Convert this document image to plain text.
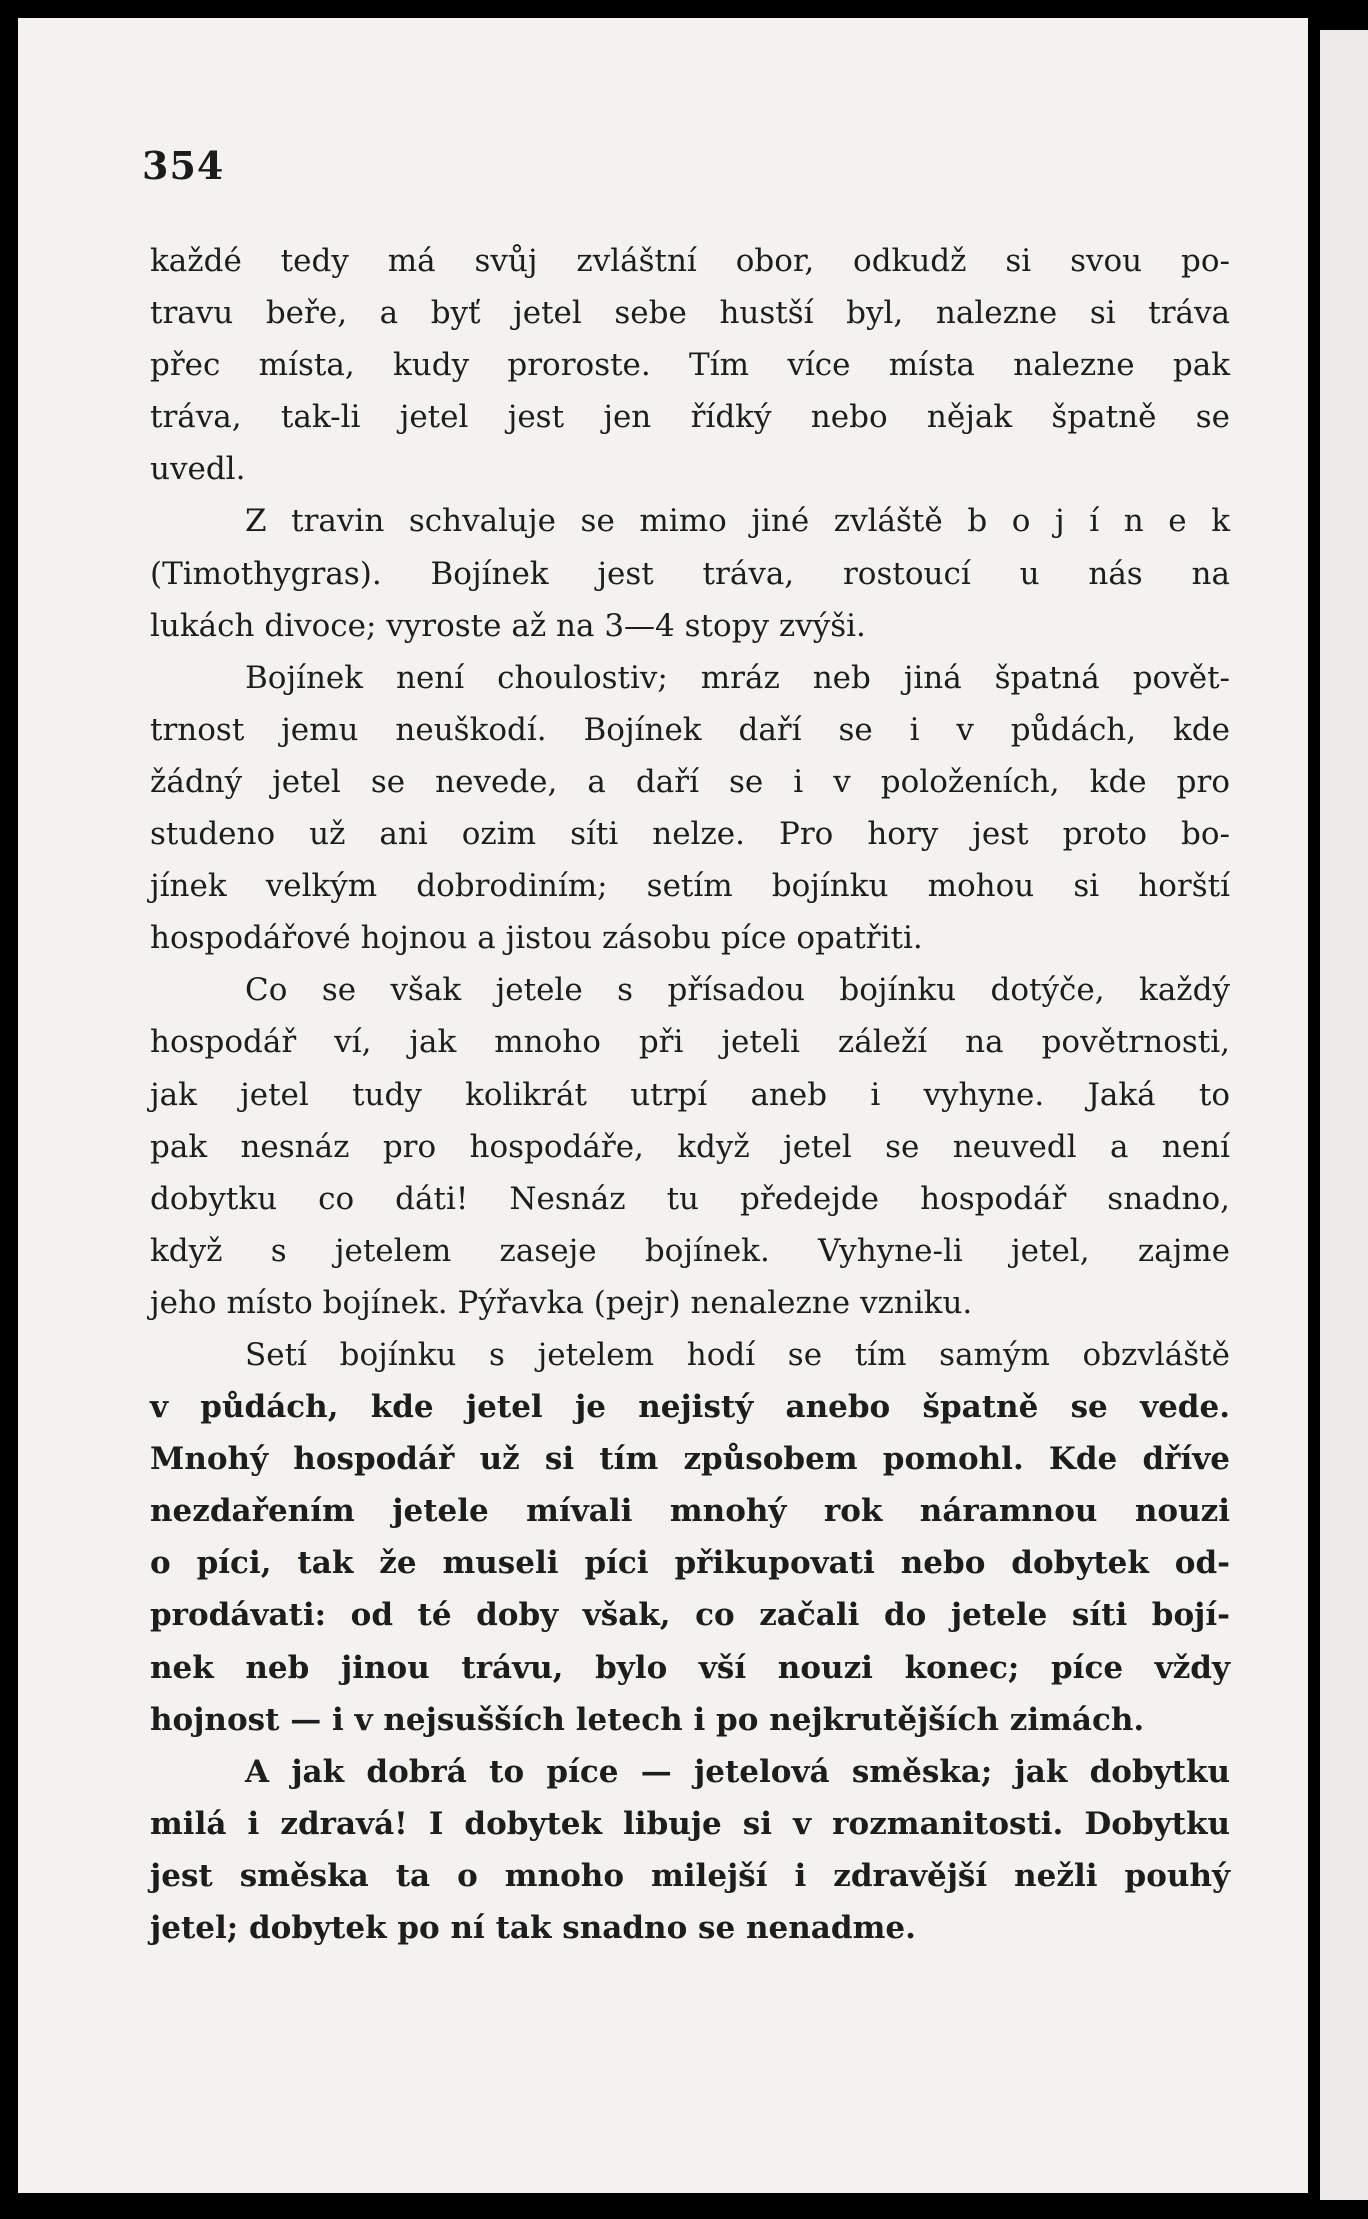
354

každé tedy má svůj zvláštní obor, odkudž si svou po-
travu beře, a byť jetel sebe hustší byl, nalezne si tráva
přec místa, kudy proroste. Tím více místa nalezne pak
tráva, tak-li jetel jest jen řídký nebo nějak špatně se
uvedl.

Z travin schvaluje se mimo jiné zvláště b o j í n e k
(Timothygras). Bojínek jest tráva, rostoucí u nás na
lukách divoce; vyroste až na 3—4 stopy zvýši.

Bojínek není choulostiv; mráz neb jiná špatná povět-
trnost jemu neuškodí. Bojínek daří se i v půdách, kde
žádný jetel se nevede, a daří se i v položeních, kde pro
studeno už ani ozim síti nelze. Pro hory jest proto bo-
jínek velkým dobrodiním; setím bojínku mohou si horští
hospodářové hojnou a jistou zásobu píce opatřiti.

Co se však jetele s přísadou bojínku dotýče, každý
hospodář ví, jak mnoho při jeteli záleží na povětrnosti,
jak jetel tudy kolikrát utrpí aneb i vyhyne. Jaká to
pak nesnáz pro hospodáře, když jetel se neuvedl a není
dobytku co dáti! Nesnáz tu předejde hospodář snadno,
když s jetelem zaseje bojínek. Vyhyne-li jetel, zajme
jeho místo bojínek. Pýřavka (pejr) nenalezne vzniku.

Setí bojínku s jetelem hodí se tím samým obzvláště
v půdách, kde jetel je nejistý anebo špatně se vede.
Mnohý hospodář už si tím způsobem pomohl. Kde dříve
nezdařením jetele mívali mnohý rok náramnou nouzi
o píci, tak že museli píci přikupovati nebo dobytek od-
prodávati: od té doby však, co začali do jetele síti bojí-
nek neb jinou trávu, bylo vší nouzi konec; píce vždy
hojnost — i v nejsušších letech i po nejkrutějších zimách.

A jak dobrá to píce — jetelová směska; jak dobytku
milá i zdravá! I dobytek libuje si v rozmanitosti. Dobytku
jest směska ta o mnoho milejší i zdravější nežli pouhý
jetel; dobytek po ní tak snadno se nenadme.
